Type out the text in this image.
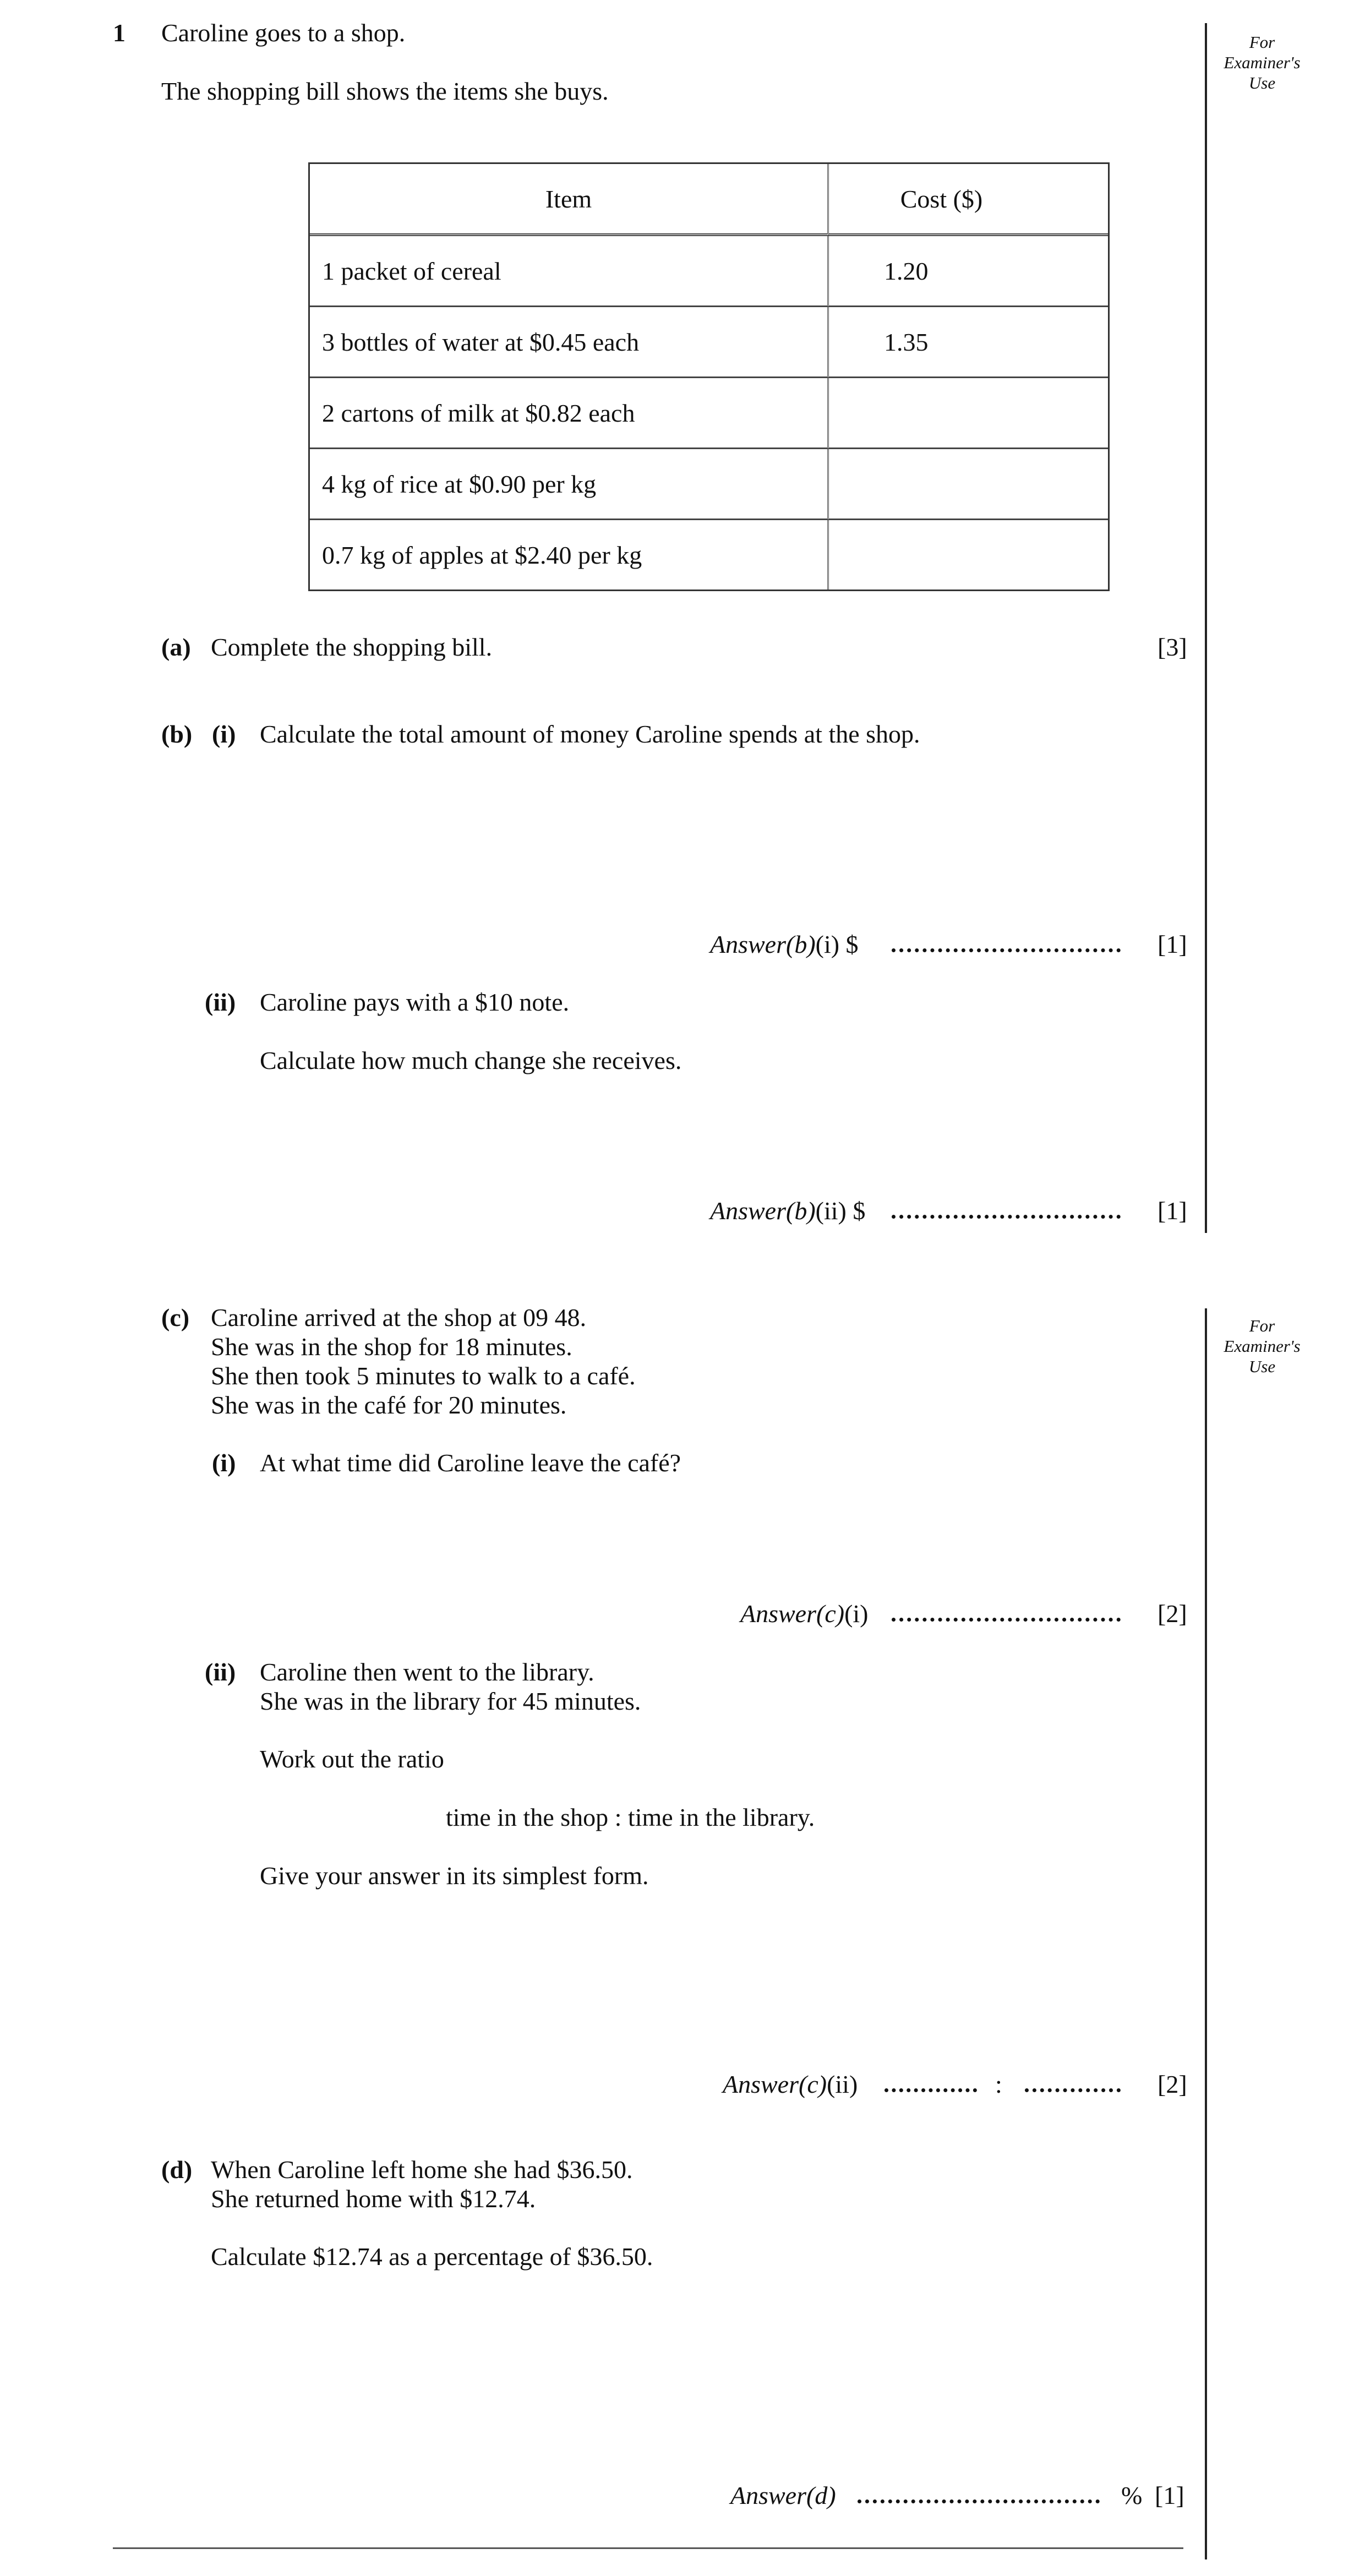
1 Caroline goes to a shop.
The shopping bill shows the items she buys.
For
Examiner's
Use
Item	Cost ($)
1 packet of cereal	1.20
3 bottles of water at $0.45 each	1.35
2 cartons of milk at $0.82 each	
4 kg of rice at $0.90 per kg	
0.7 kg of apples at $2.40 per kg	
(a) Complete the shopping bill.	[3]
(b) (i) Calculate the total amount of money Caroline spends at the shop.
Answer(b)(i) $	[1]
(ii) Caroline pays with a $10 note.
Calculate how much change she receives.
Answer(b)(ii) $	[1]
For
Examiner's
Use
(c) Caroline arrived at the shop at 09 48.
She was in the shop for 18 minutes.
She then took 5 minutes to walk to a café.
She was in the café for 20 minutes.
(i) At what time did Caroline leave the café?
Answer(c)(i)	[2]
(ii) Caroline then went to the library.
She was in the library for 45 minutes.
Work out the ratio
time in the shop : time in the library.
Give your answer in its simplest form.
Answer(c)(ii)	:	[2]
(d) When Caroline left home she had $36.50.
She returned home with $12.74.
Calculate $12.74 as a percentage of $36.50.
Answer(d)	% [1]
